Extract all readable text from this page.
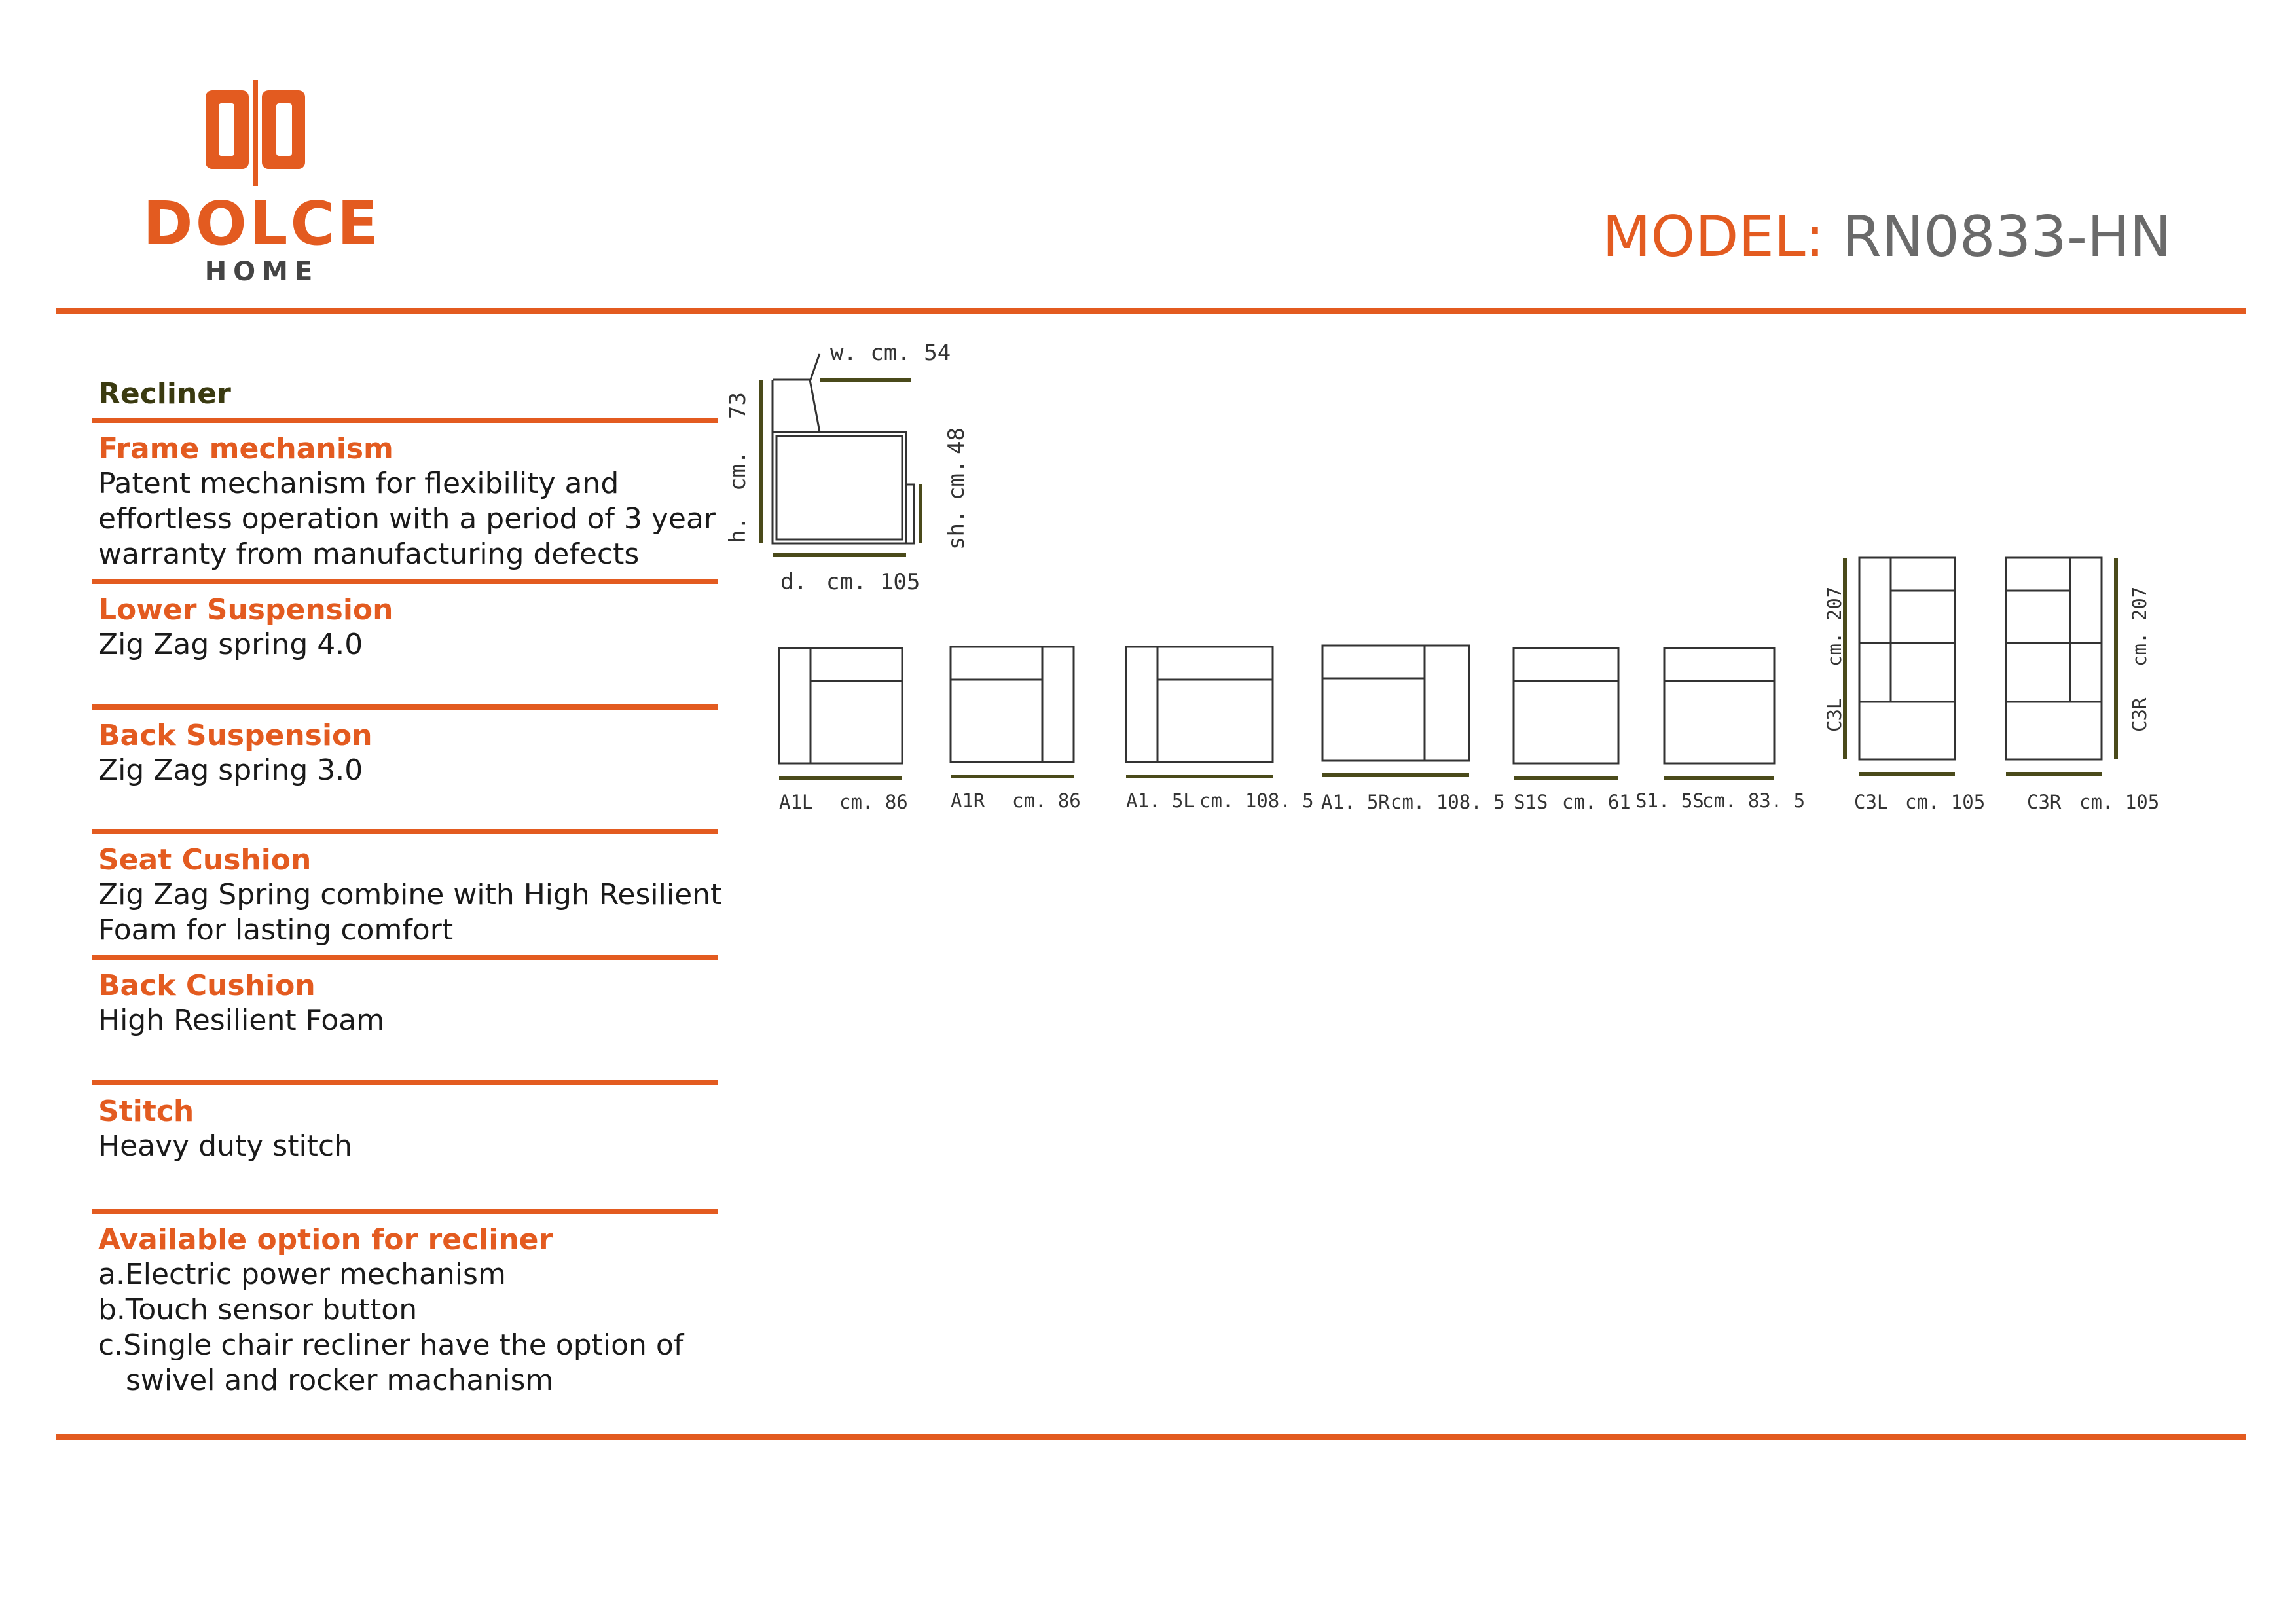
DOLCE
HOME
MODEL: RN0833-HN
Recliner
Frame mechanism
Patent mechanism for flexibility and
effortless operation with a period of 3 year
warranty from manufacturing defects
Lower Suspension
Zig Zag spring 4.0
Back Suspension
Zig Zag spring 3.0
Seat Cushion
Zig Zag Spring combine with High Resilient
Foam for lasting comfort
Back Cushion
High Resilient Foam
Stitch
Heavy duty stitch
Available option for recliner
a.Electric power mechanism
b.Touch sensor button
c.Single chair recliner have the option of
swivel and rocker machanism
w. cm. 54
h.
cm.
73
sh.
cm.
48
d. cm. 105
A1L cm. 86 A1R cm. 86 A1. 5L cm. 108. 5 A1. 5R cm. 108. 5 S1S cm. 61 S1. 5S
cm. 83. 5	C3L cm. 105 C3R cm. 105
C3L
cm. 207
C3R
cm. 207
